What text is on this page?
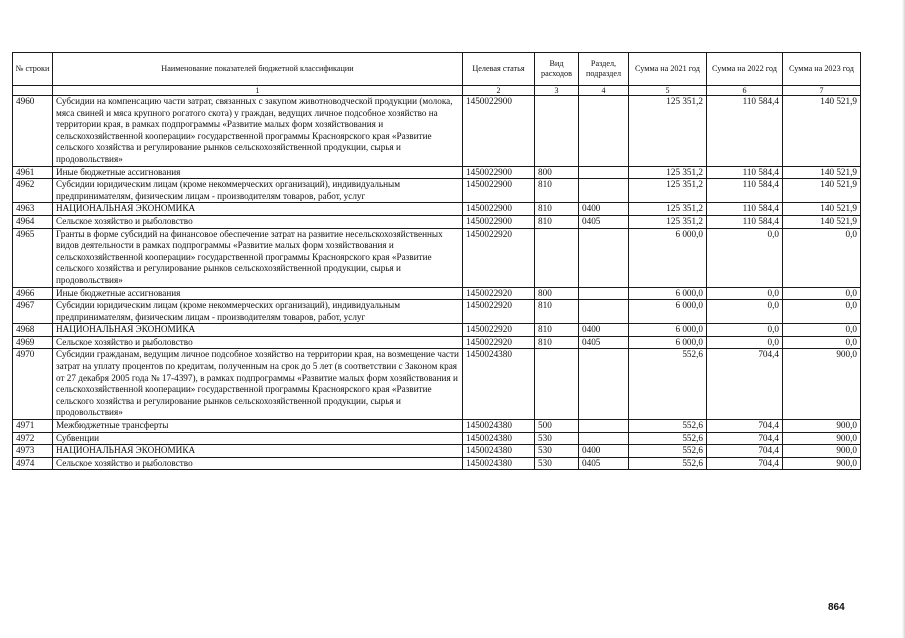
№ строки	Наименование показателей бюджетной классификации	Целевая статья	Вид расходов	Раздел, подраздел	Сумма на 2021 год	Сумма на 2022 год	Сумма на 2023 год
	1	2	3	4	5	6	7
4960	Субсидии на компенсацию части затрат, связанных с закупом животноводческой продукции (молока, мяса свиней и мяса крупного рогатого скота) у граждан, ведущих личное подсобное хозяйство на территории края, в рамках подпрограммы «Развитие малых форм хозяйствования и сельскохозяйственной кооперации» государственной программы Красноярского края «Развитие сельского хозяйства и регулирование рынков сельскохозяйственной продукции, сырья и продовольствия»	1450022900			125 351,2	110 584,4	140 521,9
4961	Иные бюджетные ассигнования	1450022900	800		125 351,2	110 584,4	140 521,9
4962	Субсидии юридическим лицам (кроме некоммерческих организаций), индивидуальным предпринимателям, физическим лицам - производителям товаров, работ, услуг	1450022900	810		125 351,2	110 584,4	140 521,9
4963	НАЦИОНАЛЬНАЯ ЭКОНОМИКА	1450022900	810	0400	125 351,2	110 584,4	140 521,9
4964	Сельское хозяйство и рыболовство	1450022900	810	0405	125 351,2	110 584,4	140 521,9
4965	Гранты в форме субсидий на финансовое обеспечение затрат на развитие несельскохозяйственных видов деятельности в рамках подпрограммы «Развитие малых форм хозяйствования и сельскохозяйственной кооперации» государственной программы Красноярского края «Развитие сельского хозяйства и регулирование рынков сельскохозяйственной продукции, сырья и продовольствия»	1450022920			6 000,0	0,0	0,0
4966	Иные бюджетные ассигнования	1450022920	800		6 000,0	0,0	0,0
4967	Субсидии юридическим лицам (кроме некоммерческих организаций), индивидуальным предпринимателям, физическим лицам - производителям товаров, работ, услуг	1450022920	810		6 000,0	0,0	0,0
4968	НАЦИОНАЛЬНАЯ ЭКОНОМИКА	1450022920	810	0400	6 000,0	0,0	0,0
4969	Сельское хозяйство и рыболовство	1450022920	810	0405	6 000,0	0,0	0,0
4970	Субсидии гражданам, ведущим личное подсобное хозяйство на территории края, на возмещение части затрат на уплату процентов по кредитам, полученным на срок до 5 лет (в соответствии с Законом края от 27 декабря 2005 года № 17-4397), в рамках подпрограммы «Развитие малых форм хозяйствования и сельскохозяйственной кооперации» государственной программы Красноярского края «Развитие сельского хозяйства и регулирование рынков сельскохозяйственной продукции, сырья и продовольствия»	1450024380			552,6	704,4	900,0
4971	Межбюджетные трансферты	1450024380	500		552,6	704,4	900,0
4972	Субвенции	1450024380	530		552,6	704,4	900,0
4973	НАЦИОНАЛЬНАЯ ЭКОНОМИКА	1450024380	530	0400	552,6	704,4	900,0
4974	Сельское хозяйство и рыболовство	1450024380	530	0405	552,6	704,4	900,0
864
